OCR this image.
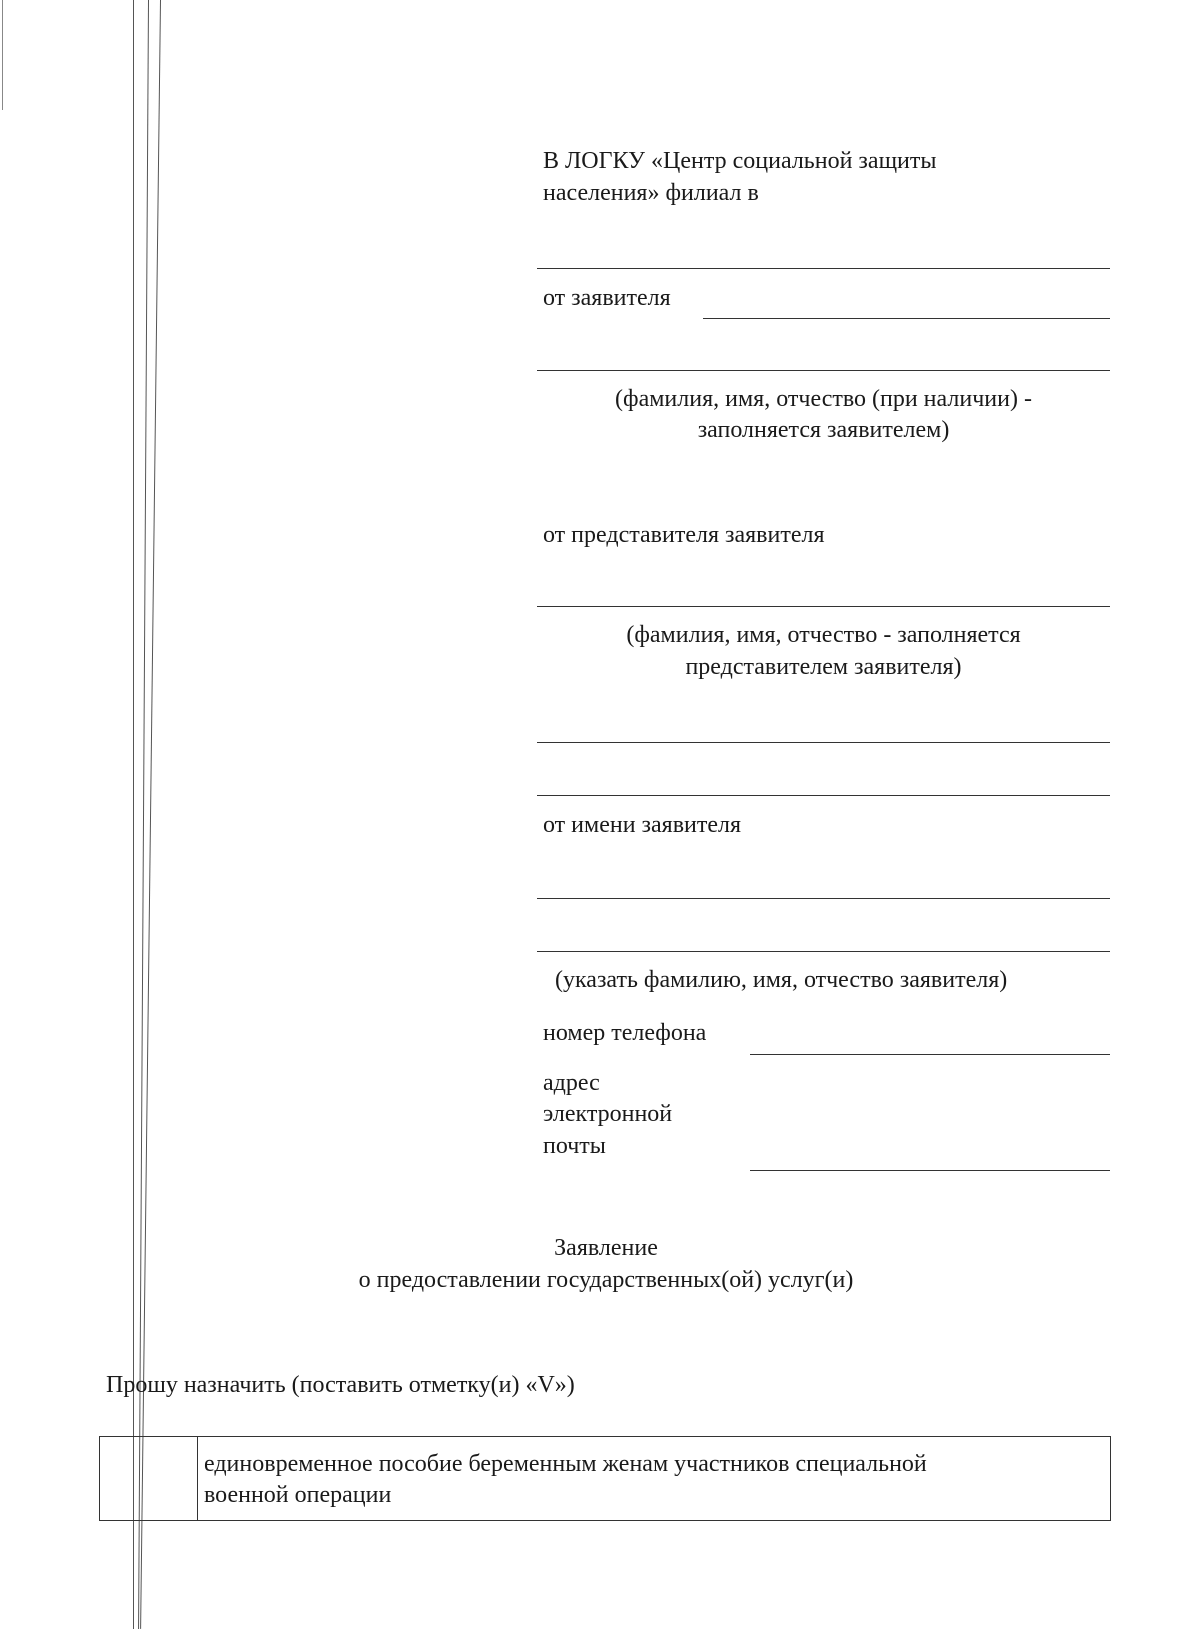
В ЛОГКУ «Центр социальной защиты
населения» филиал в
от заявителя
(фамилия, имя, отчество (при наличии) -
заполняется заявителем)
от представителя заявителя
(фамилия, имя, отчество - заполняется
представителем заявителя)
от имени заявителя
(указать фамилию, имя, отчество заявителя)
номер телефона
адрес
электронной
почты
Заявление
о предоставлении государственных(ой) услуг(и)
Прошу назначить (поставить отметку(и) «V»)
единовременное пособие беременным женам участников специальной
военной операции
